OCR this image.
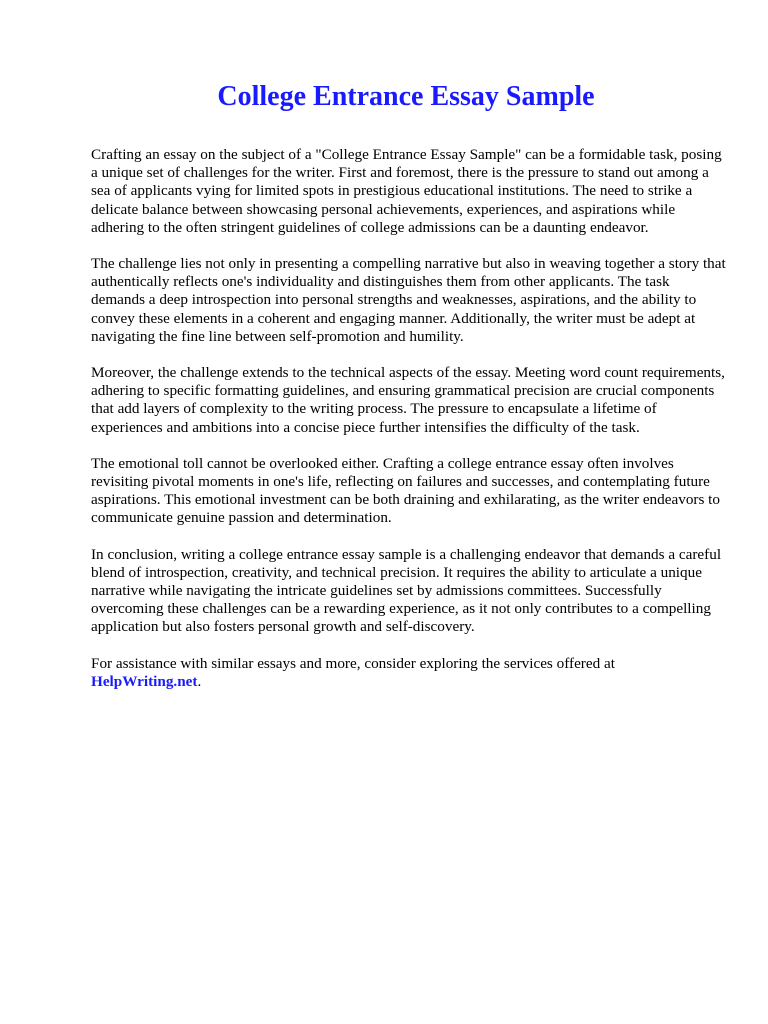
College Entrance Essay Sample

Crafting an essay on the subject of a "College Entrance Essay Sample" can be a formidable task, posing a unique set of challenges for the writer. First and foremost, there is the pressure to stand out among a sea of applicants vying for limited spots in prestigious educational institutions. The need to strike a delicate balance between showcasing personal achievements, experiences, and aspirations while adhering to the often stringent guidelines of college admissions can be a daunting endeavor.

The challenge lies not only in presenting a compelling narrative but also in weaving together a story that authentically reflects one's individuality and distinguishes them from other applicants. The task demands a deep introspection into personal strengths and weaknesses, aspirations, and the ability to convey these elements in a coherent and engaging manner. Additionally, the writer must be adept at navigating the fine line between self-promotion and humility.

Moreover, the challenge extends to the technical aspects of the essay. Meeting word count requirements, adhering to specific formatting guidelines, and ensuring grammatical precision are crucial components that add layers of complexity to the writing process. The pressure to encapsulate a lifetime of experiences and ambitions into a concise piece further intensifies the difficulty of the task.

The emotional toll cannot be overlooked either. Crafting a college entrance essay often involves revisiting pivotal moments in one's life, reflecting on failures and successes, and contemplating future aspirations. This emotional investment can be both draining and exhilarating, as the writer endeavors to communicate genuine passion and determination.

In conclusion, writing a college entrance essay sample is a challenging endeavor that demands a careful blend of introspection, creativity, and technical precision. It requires the ability to articulate a unique narrative while navigating the intricate guidelines set by admissions committees. Successfully overcoming these challenges can be a rewarding experience, as it not only contributes to a compelling application but also fosters personal growth and self-discovery.

For assistance with similar essays and more, consider exploring the services offered at
HelpWriting.net.
